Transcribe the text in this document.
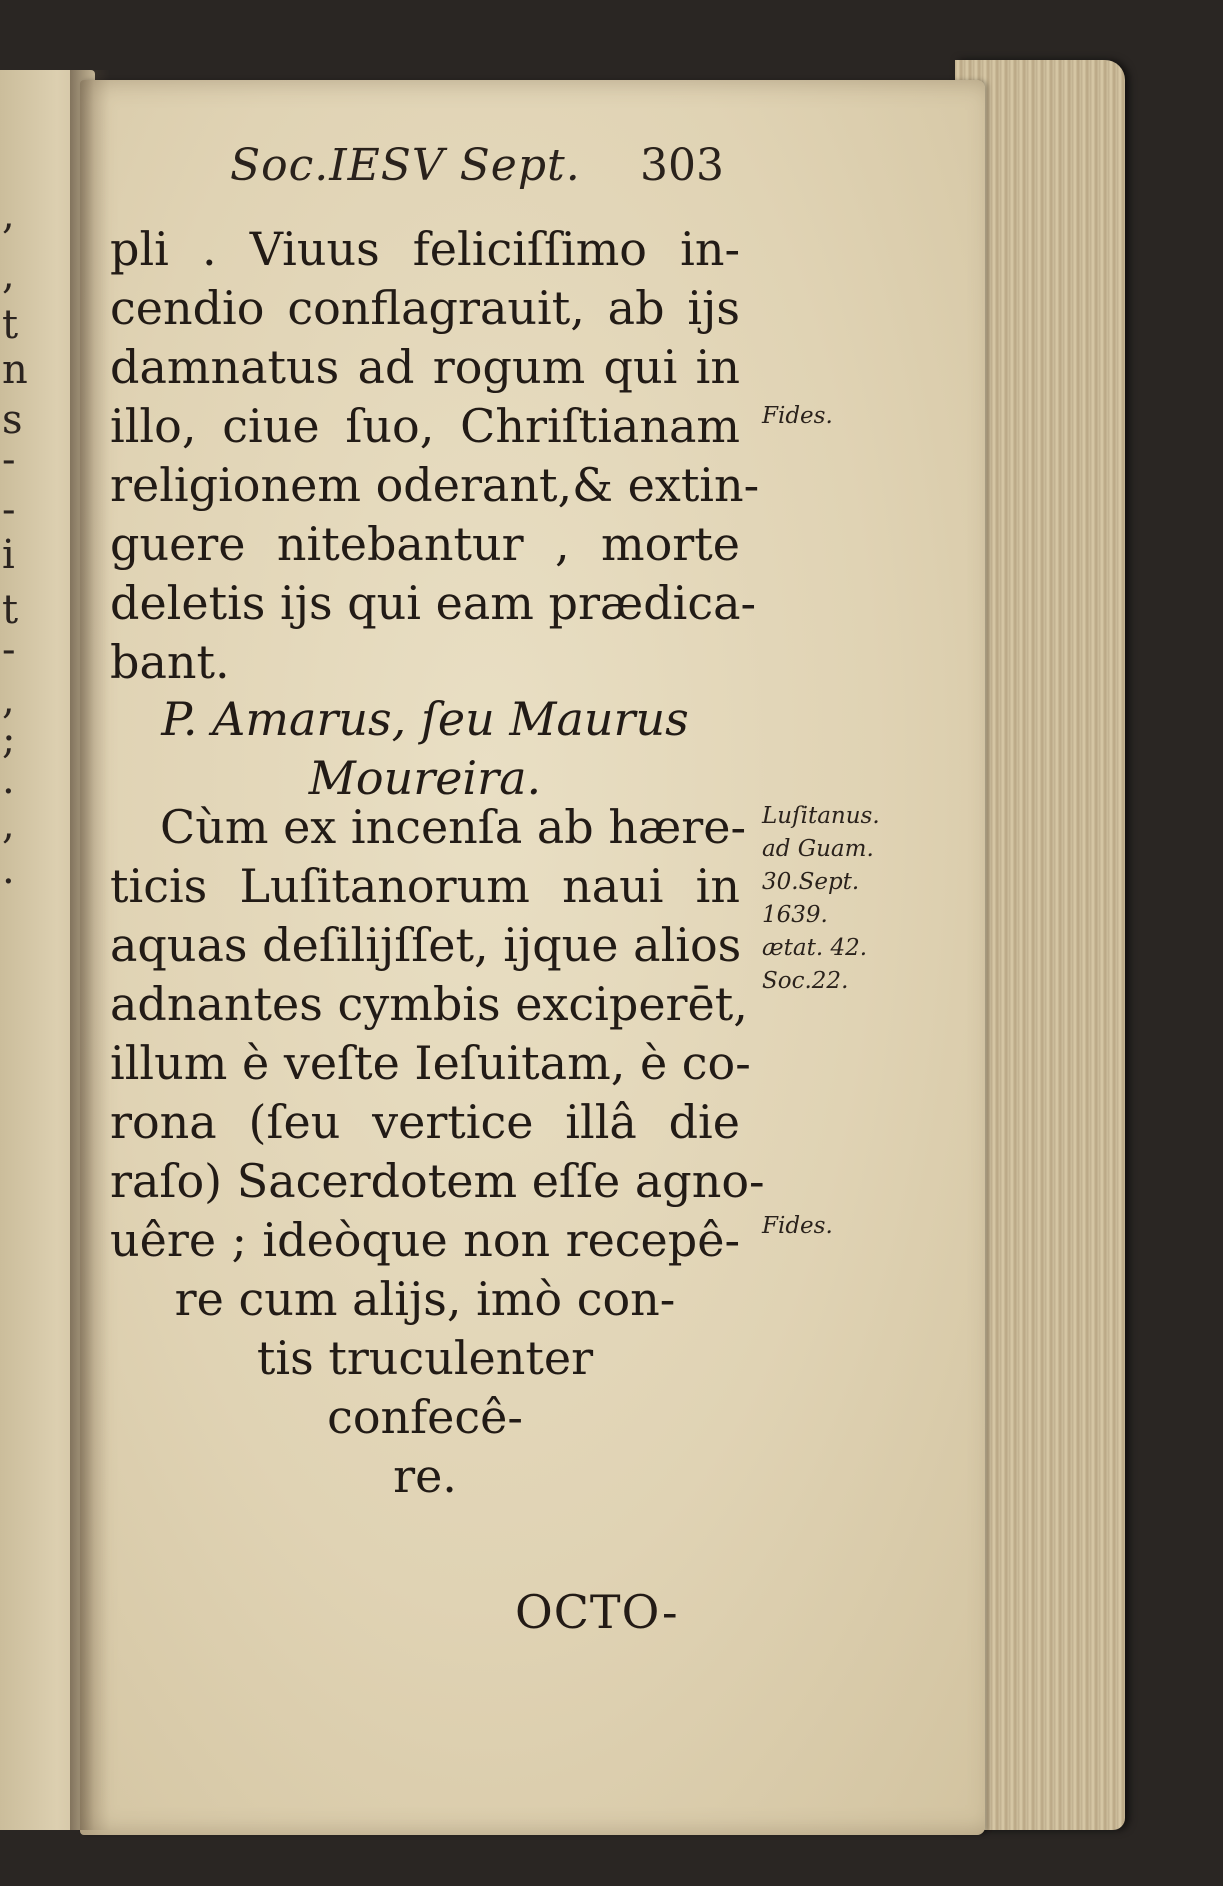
,
,
t
n
s
-
-
i
t
-
,
;
.
,
.
Soc.IESV Sept. 303
pli . Viuus feliciſſimo in-
cendio conflagrauit, ab ijs
damnatus ad rogum qui in
illo, ciue ſuo, Chriſtianam
religionem oderant,& extin-
guere nitebantur , morte
deletis ijs qui eam prædica-
bant.
P. Amarus, ſeu Maurus
Moureira.
Cùm ex incenſa ab hære-
ticis Luſitanorum naui in
aquas deſilijſſet, ijque alios
adnantes cymbis exciperēt,
illum è veſte Ieſuitam, è co-
rona (ſeu vertice illâ die
raſo) Sacerdotem eſſe agno-
uêre ; ideòque non recepê-
re cum alijs, imò con-
tis truculenter
confecê-
re.
Fides.
Luſitanus.
ad Guam.
30.Sept.
1639.
ætat. 42.
Soc.22.
Fides.
OCTO-
